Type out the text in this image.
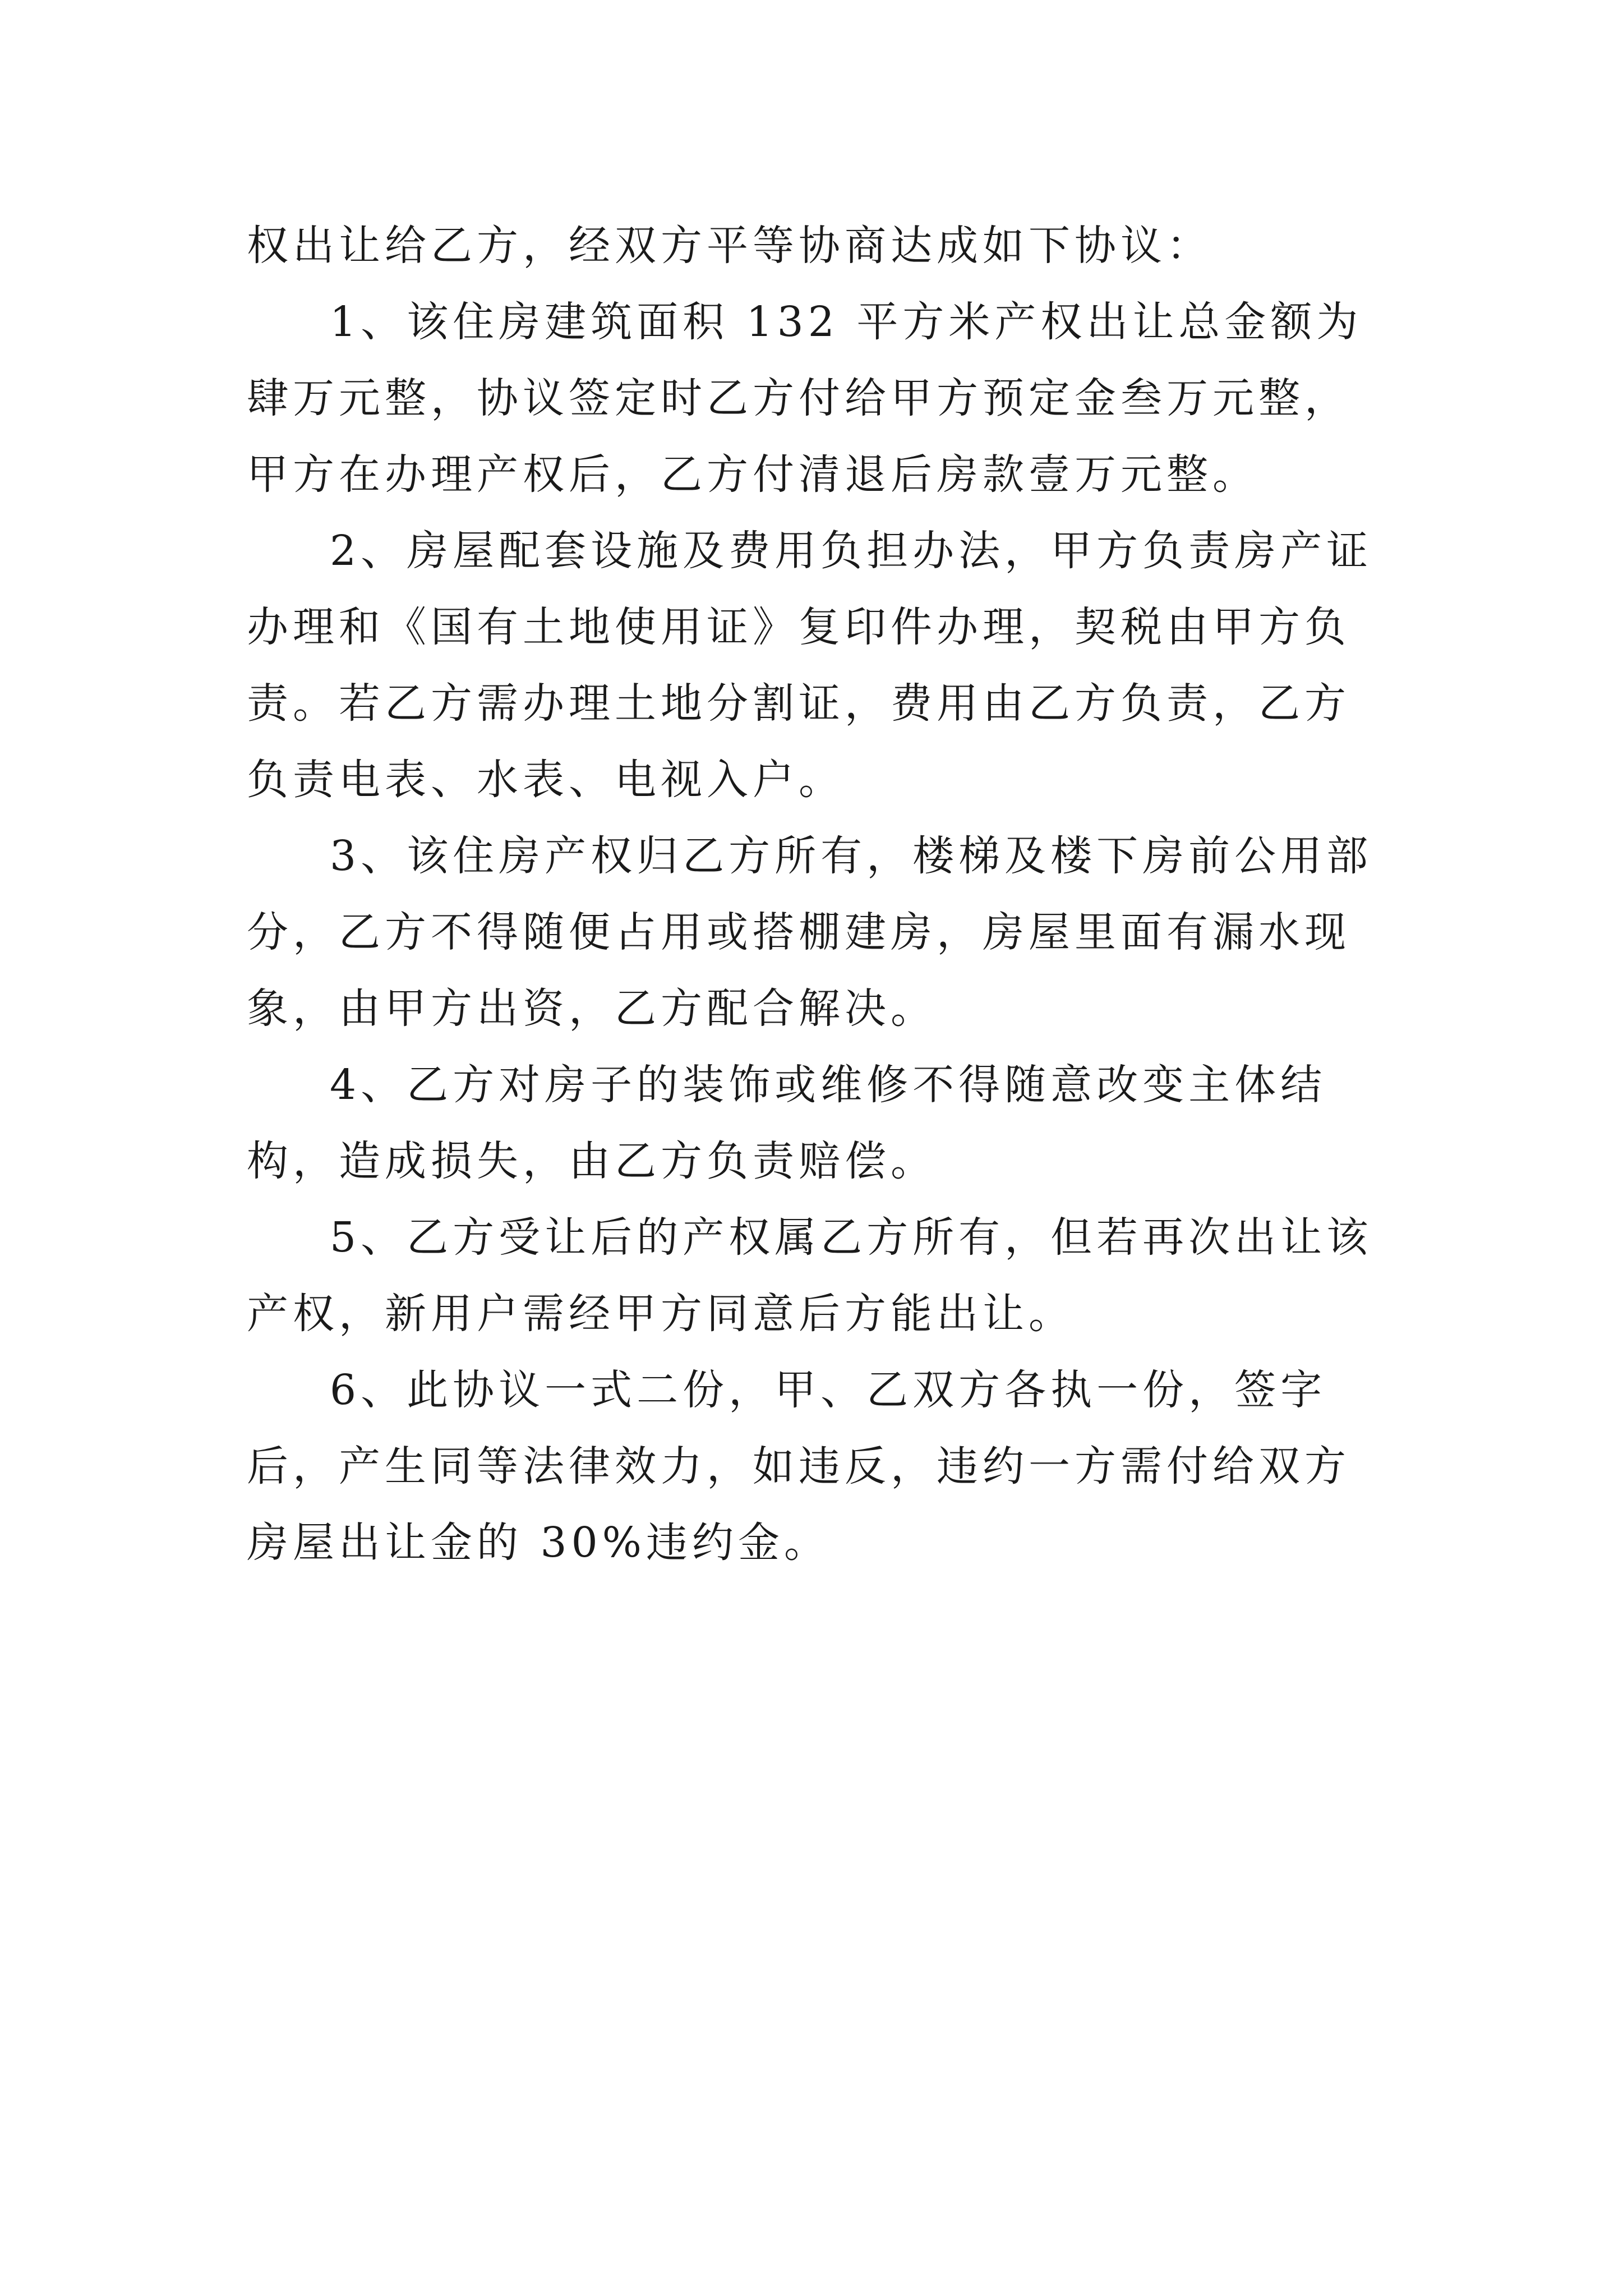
权出让给乙方，经双方平等协商达成如下协议：

1、该住房建筑面积 132 平方米产权出让总金额为肆万元整，协议签定时乙方付给甲方预定金叁万元整，甲方在办理产权后，乙方付清退后房款壹万元整。

2、房屋配套设施及费用负担办法，甲方负责房产证办理和《国有土地使用证》复印件办理，契税由甲方负责。若乙方需办理土地分割证，费用由乙方负责，乙方负责电表、水表、电视入户。

3、该住房产权归乙方所有，楼梯及楼下房前公用部分，乙方不得随便占用或搭棚建房，房屋里面有漏水现象，由甲方出资，乙方配合解决。

4、乙方对房子的装饰或维修不得随意改变主体结构，造成损失，由乙方负责赔偿。

5、乙方受让后的产权属乙方所有，但若再次出让该产权，新用户需经甲方同意后方能出让。

6、此协议一式二份，甲、乙双方各执一份，签字后，产生同等法律效力，如违反，违约一方需付给双方房屋出让金的 30%违约金。
